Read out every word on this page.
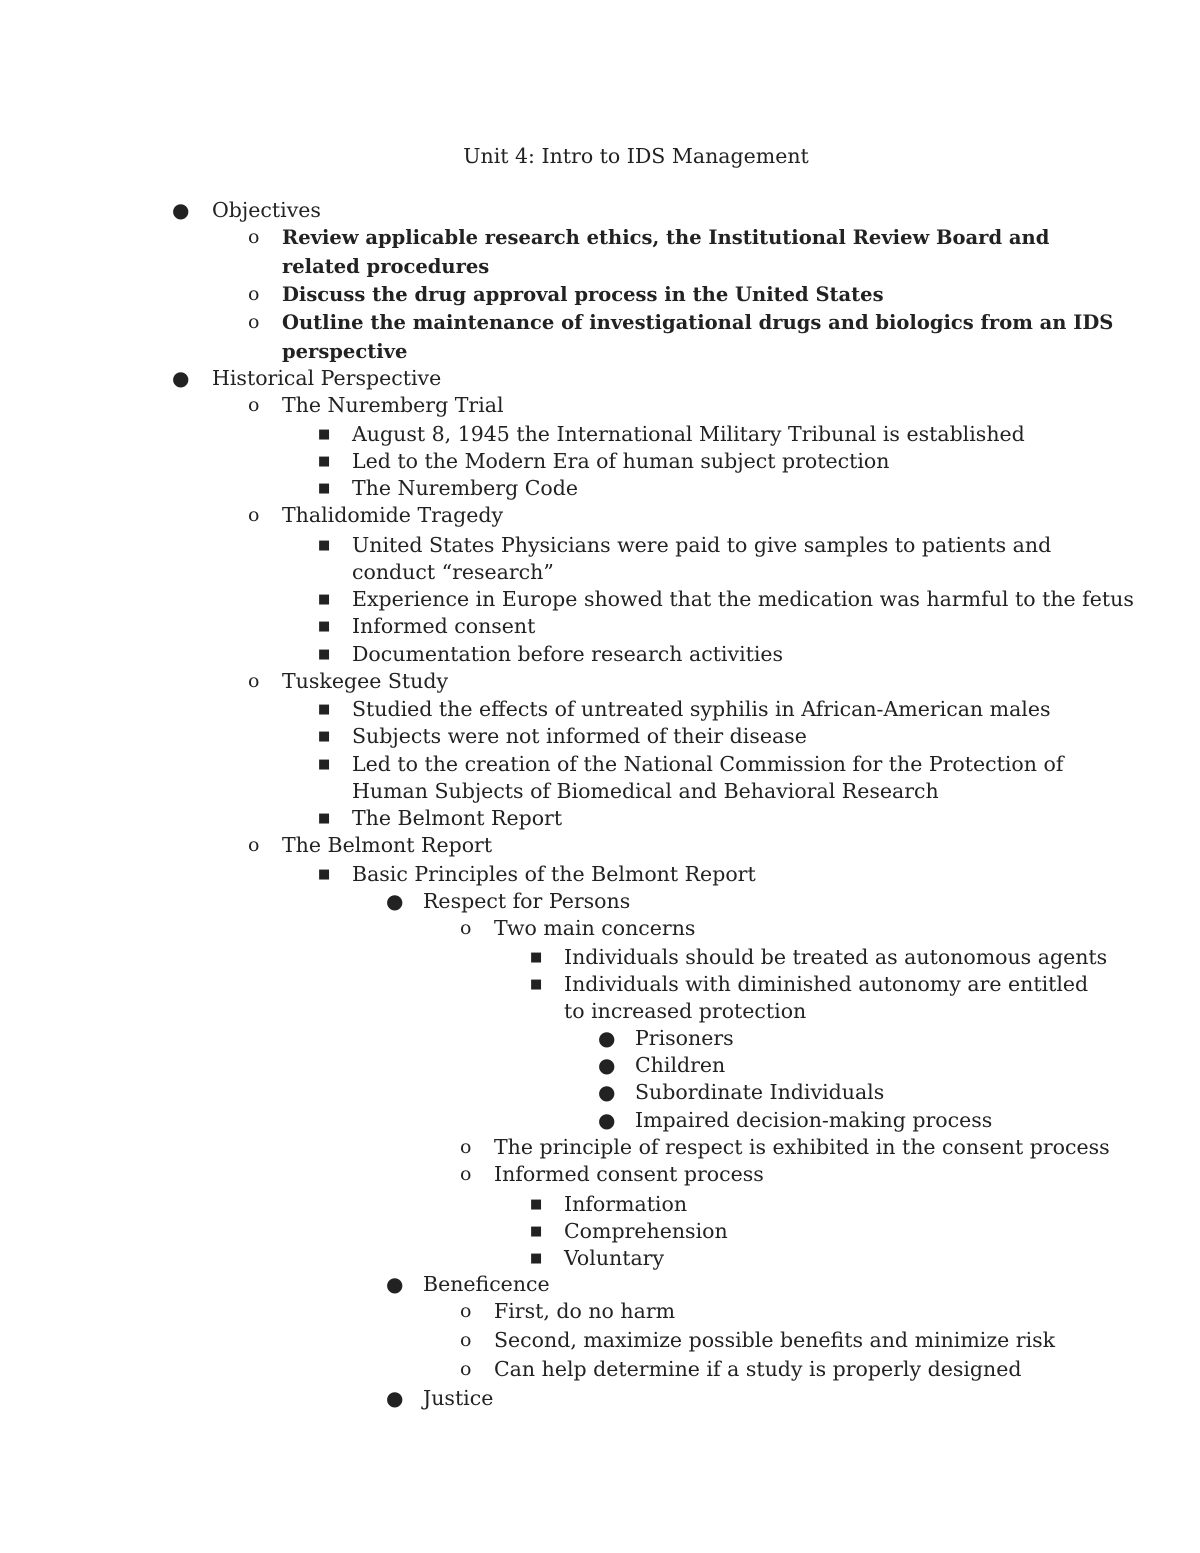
Unit 4: Intro to IDS Management
● Objectives
o Review applicable research ethics, the Institutional Review Board and
related procedures
o Discuss the drug approval process in the United States
o Outline the maintenance of investigational drugs and biologics from an IDS
perspective
● Historical Perspective
o The Nuremberg Trial
■ August 8, 1945 the International Military Tribunal is established
■ Led to the Modern Era of human subject protection
■ The Nuremberg Code
o Thalidomide Tragedy
■ United States Physicians were paid to give samples to patients and
conduct “research”
■ Experience in Europe showed that the medication was harmful to the fetus
■ Informed consent
■ Documentation before research activities
o Tuskegee Study
■ Studied the effects of untreated syphilis in African-American males
■ Subjects were not informed of their disease
■ Led to the creation of the National Commission for the Protection of
Human Subjects of Biomedical and Behavioral Research
■ The Belmont Report
o The Belmont Report
■ Basic Principles of the Belmont Report
● Respect for Persons
o Two main concerns
■ Individuals should be treated as autonomous agents
■ Individuals with diminished autonomy are entitled
to increased protection
● Prisoners
● Children
● Subordinate Individuals
● Impaired decision-making process
o The principle of respect is exhibited in the consent process
o Informed consent process
■ Information
■ Comprehension
■ Voluntary
● Beneficence
o First, do no harm
o Second, maximize possible benefits and minimize risk
o Can help determine if a study is properly designed
● Justice
